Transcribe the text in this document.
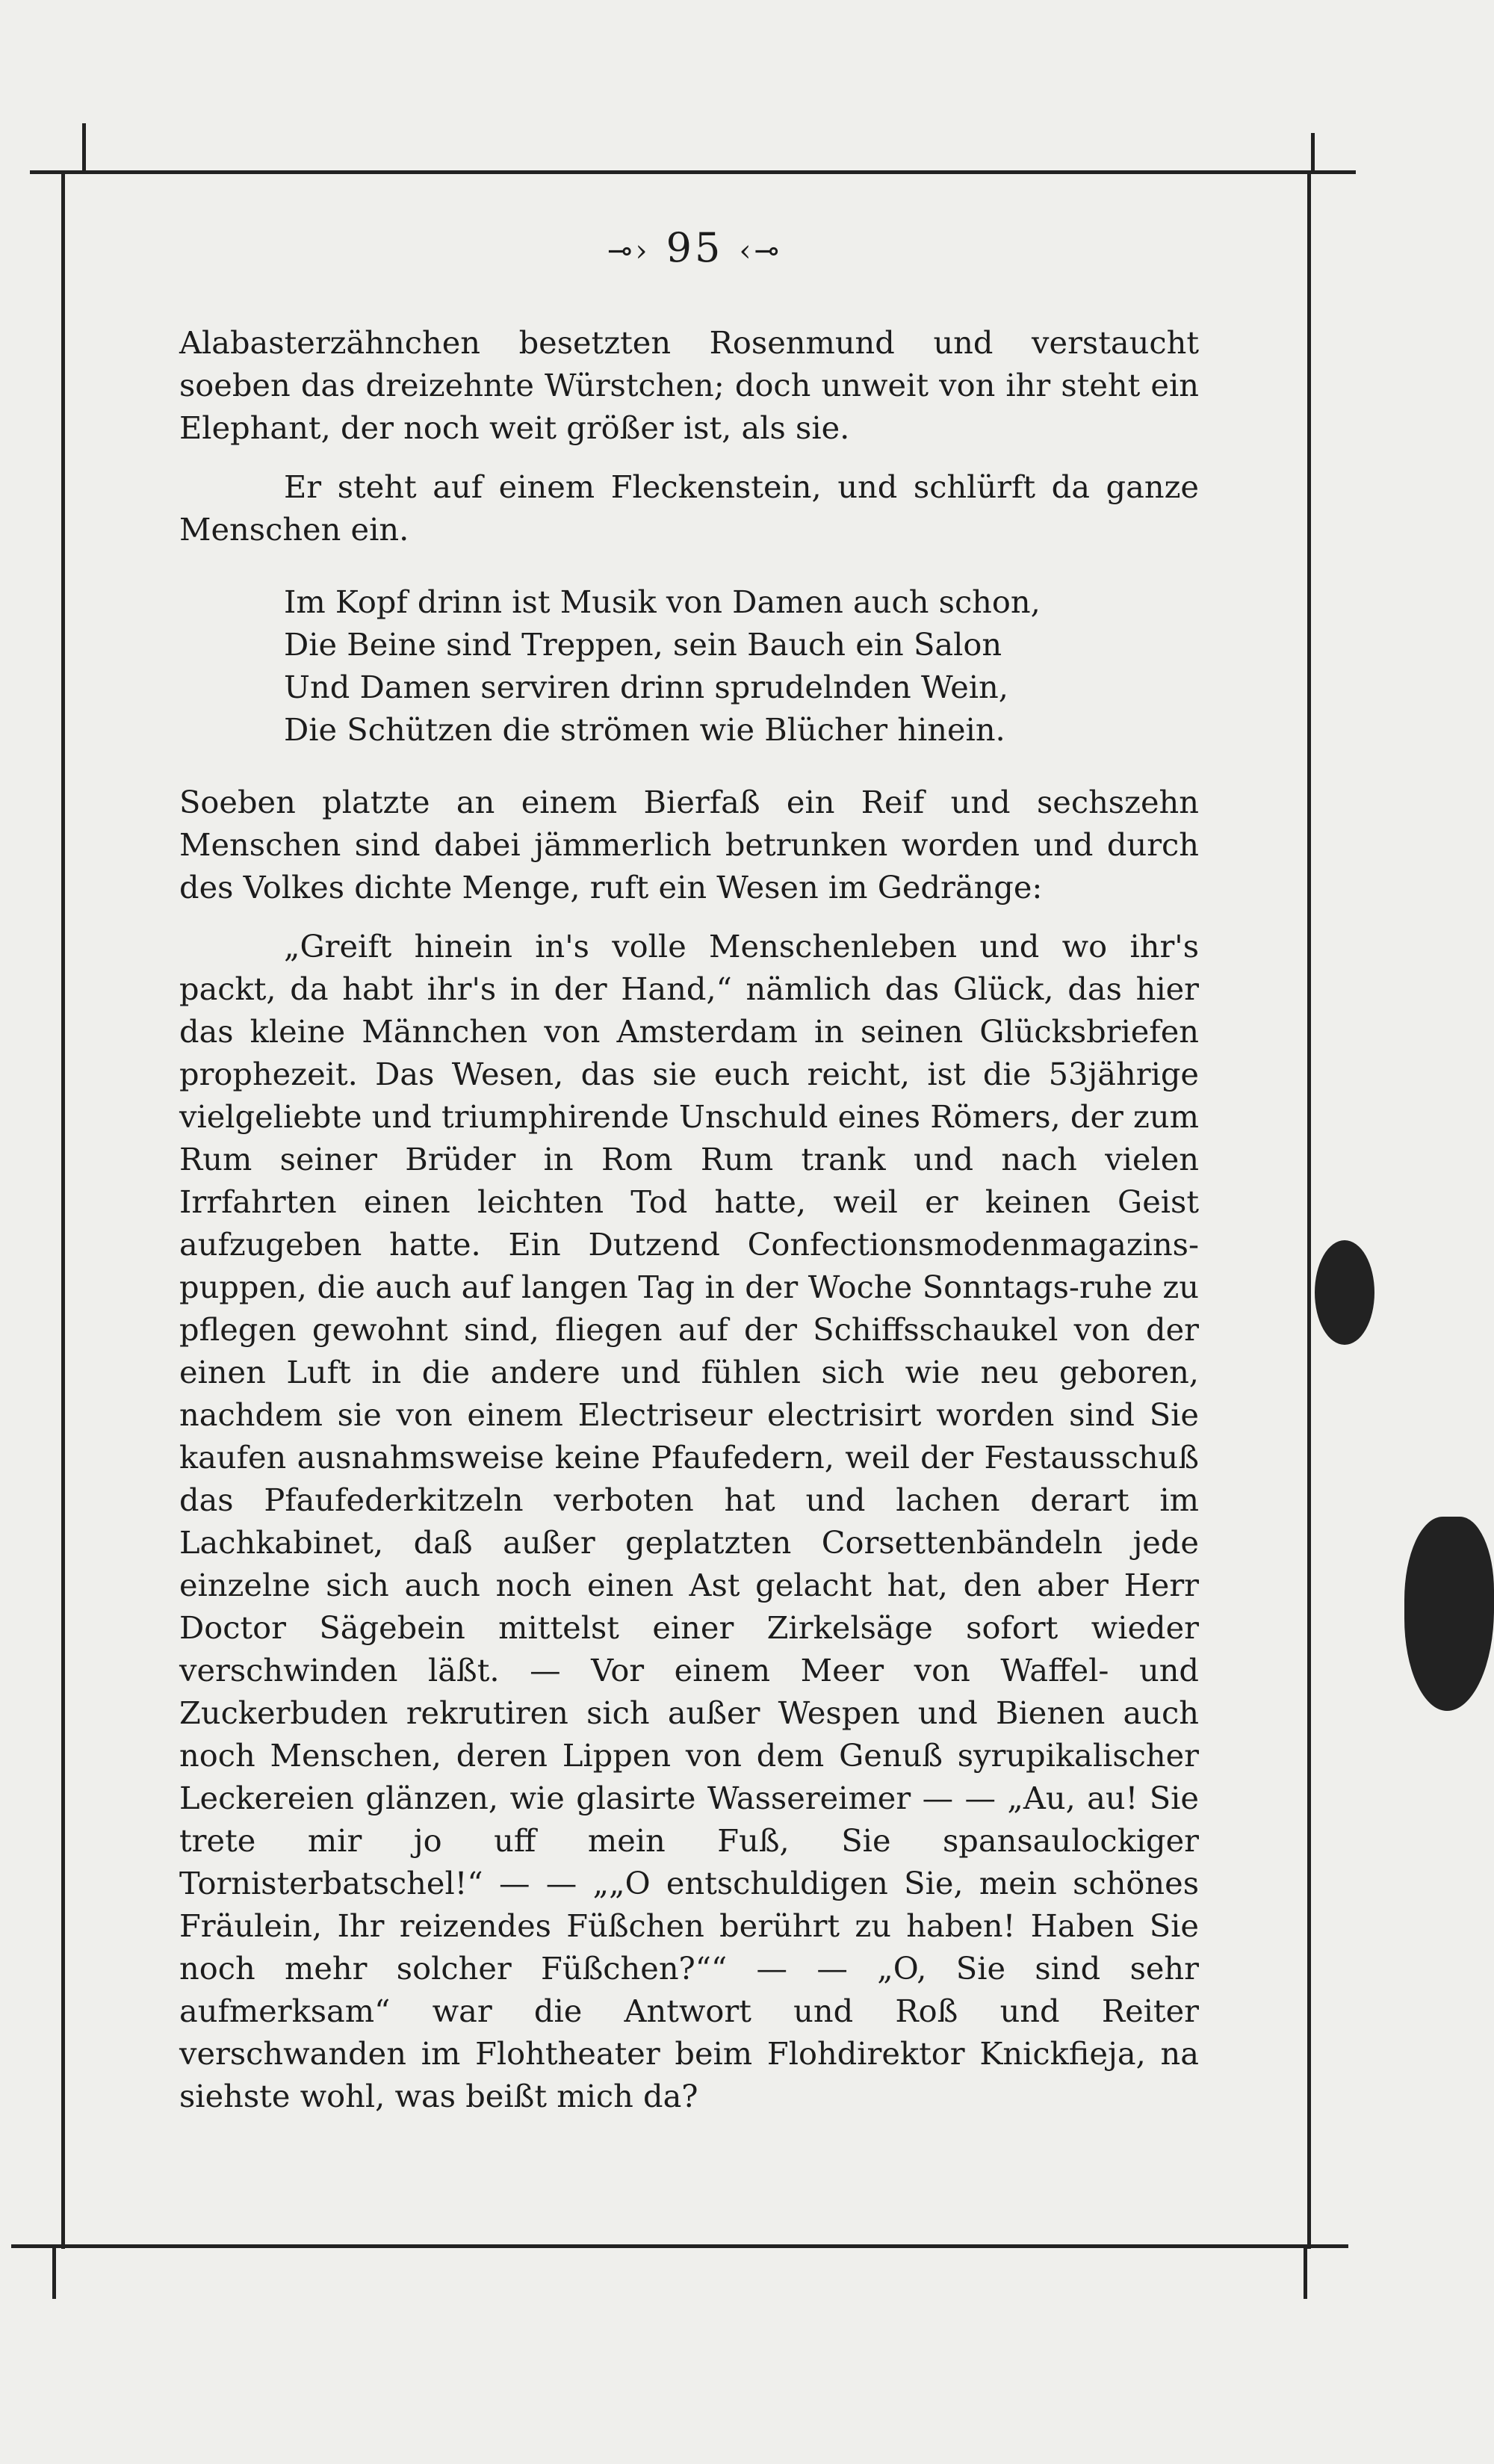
⊸› 95 ‹⊸

Alabasterzähnchen besetzten Rosenmund und verstaucht soeben das dreizehnte Würstchen; doch unweit von ihr steht ein Elephant, der noch weit größer ist, als sie.

Er steht auf einem Fleckenstein, und schlürft da ganze Menschen ein.

Im Kopf drinn ist Musik von Damen auch schon,
Die Beine sind Treppen, sein Bauch ein Salon
Und Damen serviren drinn sprudelnden Wein,
Die Schützen die strömen wie Blücher hinein.

Soeben platzte an einem Bierfaß ein Reif und sechszehn Menschen sind dabei jämmerlich betrunken worden und durch des Volkes dichte Menge, ruft ein Wesen im Gedränge:

„Greift hinein in's volle Menschenleben und wo ihr's packt, da habt ihr's in der Hand,“ nämlich das Glück, das hier das kleine Männchen von Amsterdam in seinen Glücksbriefen prophezeit. Das Wesen, das sie euch reicht, ist die 53jährige vielgeliebte und triumphirende Unschuld eines Römers, der zum Rum seiner Brüder in Rom Rum trank und nach vielen Irrfahrten einen leichten Tod hatte, weil er keinen Geist aufzugeben hatte. Ein Dutzend Confectionsmodenmagazins-puppen, die auch auf langen Tag in der Woche Sonntags-ruhe zu pflegen gewohnt sind, fliegen auf der Schiffsschaukel von der einen Luft in die andere und fühlen sich wie neu geboren, nachdem sie von einem Electriseur electrisirt worden sind Sie kaufen ausnahmsweise keine Pfaufedern, weil der Festausschuß das Pfaufederkitzeln verboten hat und lachen derart im Lachkabinet, daß außer geplatzten Corsettenbändeln jede einzelne sich auch noch einen Ast gelacht hat, den aber Herr Doctor Sägebein mittelst einer Zirkelsäge sofort wieder verschwinden läßt. — Vor einem Meer von Waffel- und Zuckerbuden rekrutiren sich außer Wespen und Bienen auch noch Menschen, deren Lippen von dem Genuß syrupikalischer Leckereien glänzen, wie glasirte Wassereimer — — „Au, au! Sie trete mir jo uff mein Fuß, Sie spansaulockiger Tornisterbatschel!“ — — „„O entschuldigen Sie, mein schönes Fräulein, Ihr reizendes Füßchen berührt zu haben! Haben Sie noch mehr solcher Füßchen?““ — — „O, Sie sind sehr aufmerksam“ war die Antwort und Roß und Reiter verschwanden im Flohtheater beim Flohdirektor Knickfieja, na siehste wohl, was beißt mich da?
